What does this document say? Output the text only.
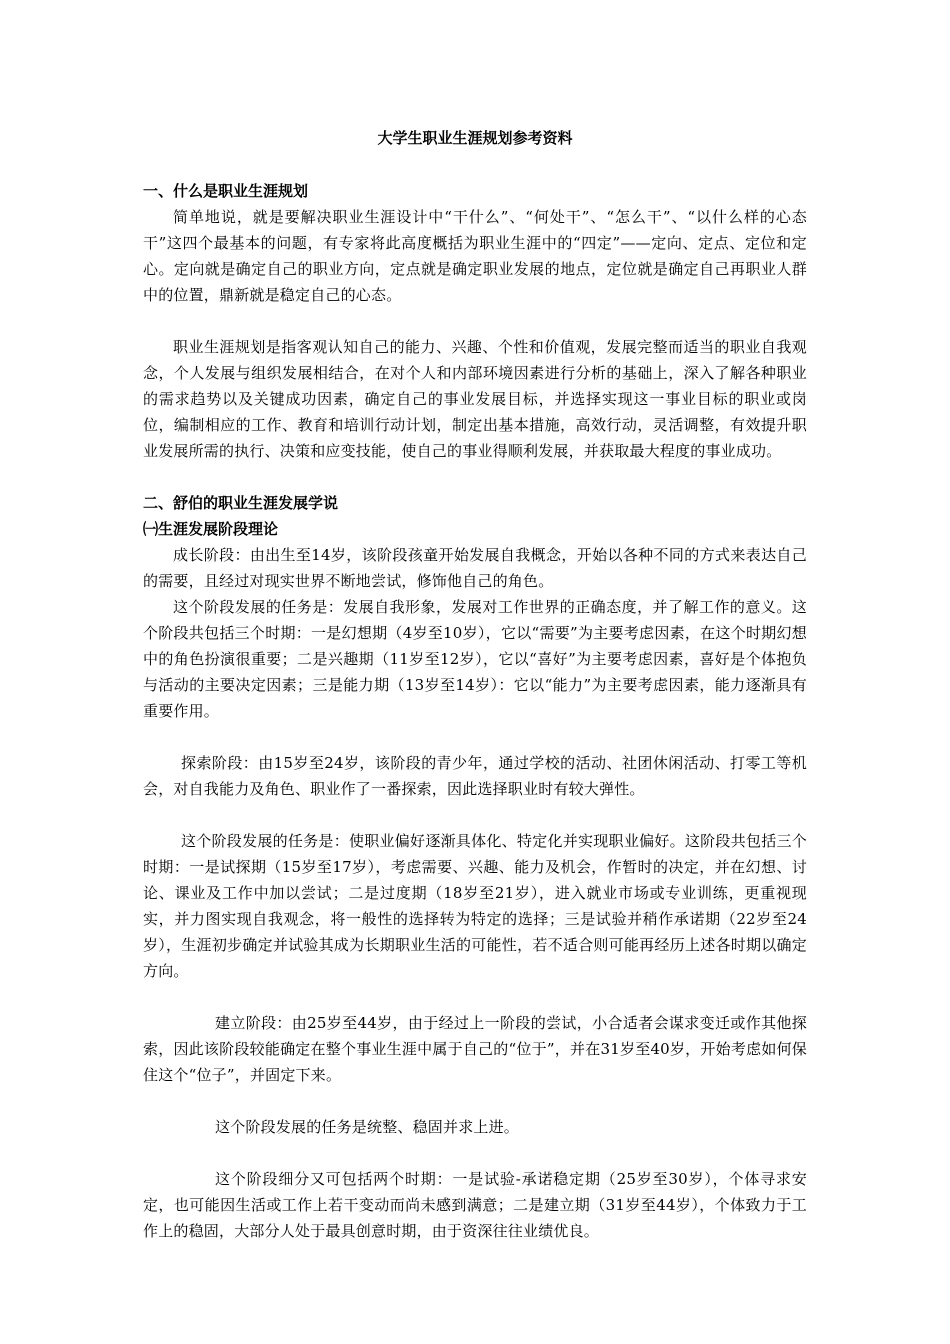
大学生职业生涯规划参考资料
一、什么是职业生涯规划

简单地说，就是要解决职业生涯设计中“干什么”、“何处干”、“怎么干”、“以什么样的心态干”这四个最基本的问题，有专家将此高度概括为职业生涯中的“四定”——定向、定点、定位和定心。定向就是确定自己的职业方向，定点就是确定职业发展的地点，定位就是确定自己再职业人群中的位置，鼎新就是稳定自己的心态。

职业生涯规划是指客观认知自己的能力、兴趣、个性和价值观，发展完整而适当的职业自我观念，个人发展与组织发展相结合，在对个人和内部环境因素进行分析的基础上，深入了解各种职业的需求趋势以及关键成功因素，确定自己的事业发展目标，并选择实现这一事业目标的职业或岗位，编制相应的工作、教育和培训行动计划，制定出基本措施，高效行动，灵活调整，有效提升职业发展所需的执行、决策和应变技能，使自己的事业得顺利发展，并获取最大程度的事业成功。

二、舒伯的职业生涯发展学说
㈠生涯发展阶段理论

成长阶段：由出生至14岁，该阶段孩童开始发展自我概念，开始以各种不同的方式来表达自己的需要，且经过对现实世界不断地尝试，修饰他自己的角色。

这个阶段发展的任务是：发展自我形象，发展对工作世界的正确态度，并了解工作的意义。这个阶段共包括三个时期：一是幻想期（4岁至10岁），它以“需要”为主要考虑因素，在这个时期幻想中的角色扮演很重要；二是兴趣期（11岁至12岁），它以“喜好”为主要考虑因素，喜好是个体抱负与活动的主要决定因素；三是能力期（13岁至14岁）：它以“能力”为主要考虑因素，能力逐渐具有重要作用。

探索阶段：由15岁至24岁，该阶段的青少年，通过学校的活动、社团休闲活动、打零工等机会，对自我能力及角色、职业作了一番探索，因此选择职业时有较大弹性。

这个阶段发展的任务是：使职业偏好逐渐具体化、特定化并实现职业偏好。这阶段共包括三个时期：一是试探期（15岁至17岁），考虑需要、兴趣、能力及机会，作暂时的决定，并在幻想、讨论、课业及工作中加以尝试；二是过度期（18岁至21岁），进入就业市场或专业训练，更重视现实，并力图实现自我观念，将一般性的选择转为特定的选择；三是试验并稍作承诺期（22岁至24岁），生涯初步确定并试验其成为长期职业生活的可能性，若不适合则可能再经历上述各时期以确定方向。

建立阶段：由25岁至44岁，由于经过上一阶段的尝试，小合适者会谋求变迁或作其他探索，因此该阶段较能确定在整个事业生涯中属于自己的“位于”，并在31岁至40岁，开始考虑如何保住这个“位子”，并固定下来。

这个阶段发展的任务是统整、稳固并求上进。

这个阶段细分又可包括两个时期：一是试验-承诺稳定期（25岁至30岁），个体寻求安定，也可能因生活或工作上若干变动而尚未感到满意；二是建立期（31岁至44岁），个体致力于工作上的稳固，大部分人处于最具创意时期，由于资深往往业绩优良。
